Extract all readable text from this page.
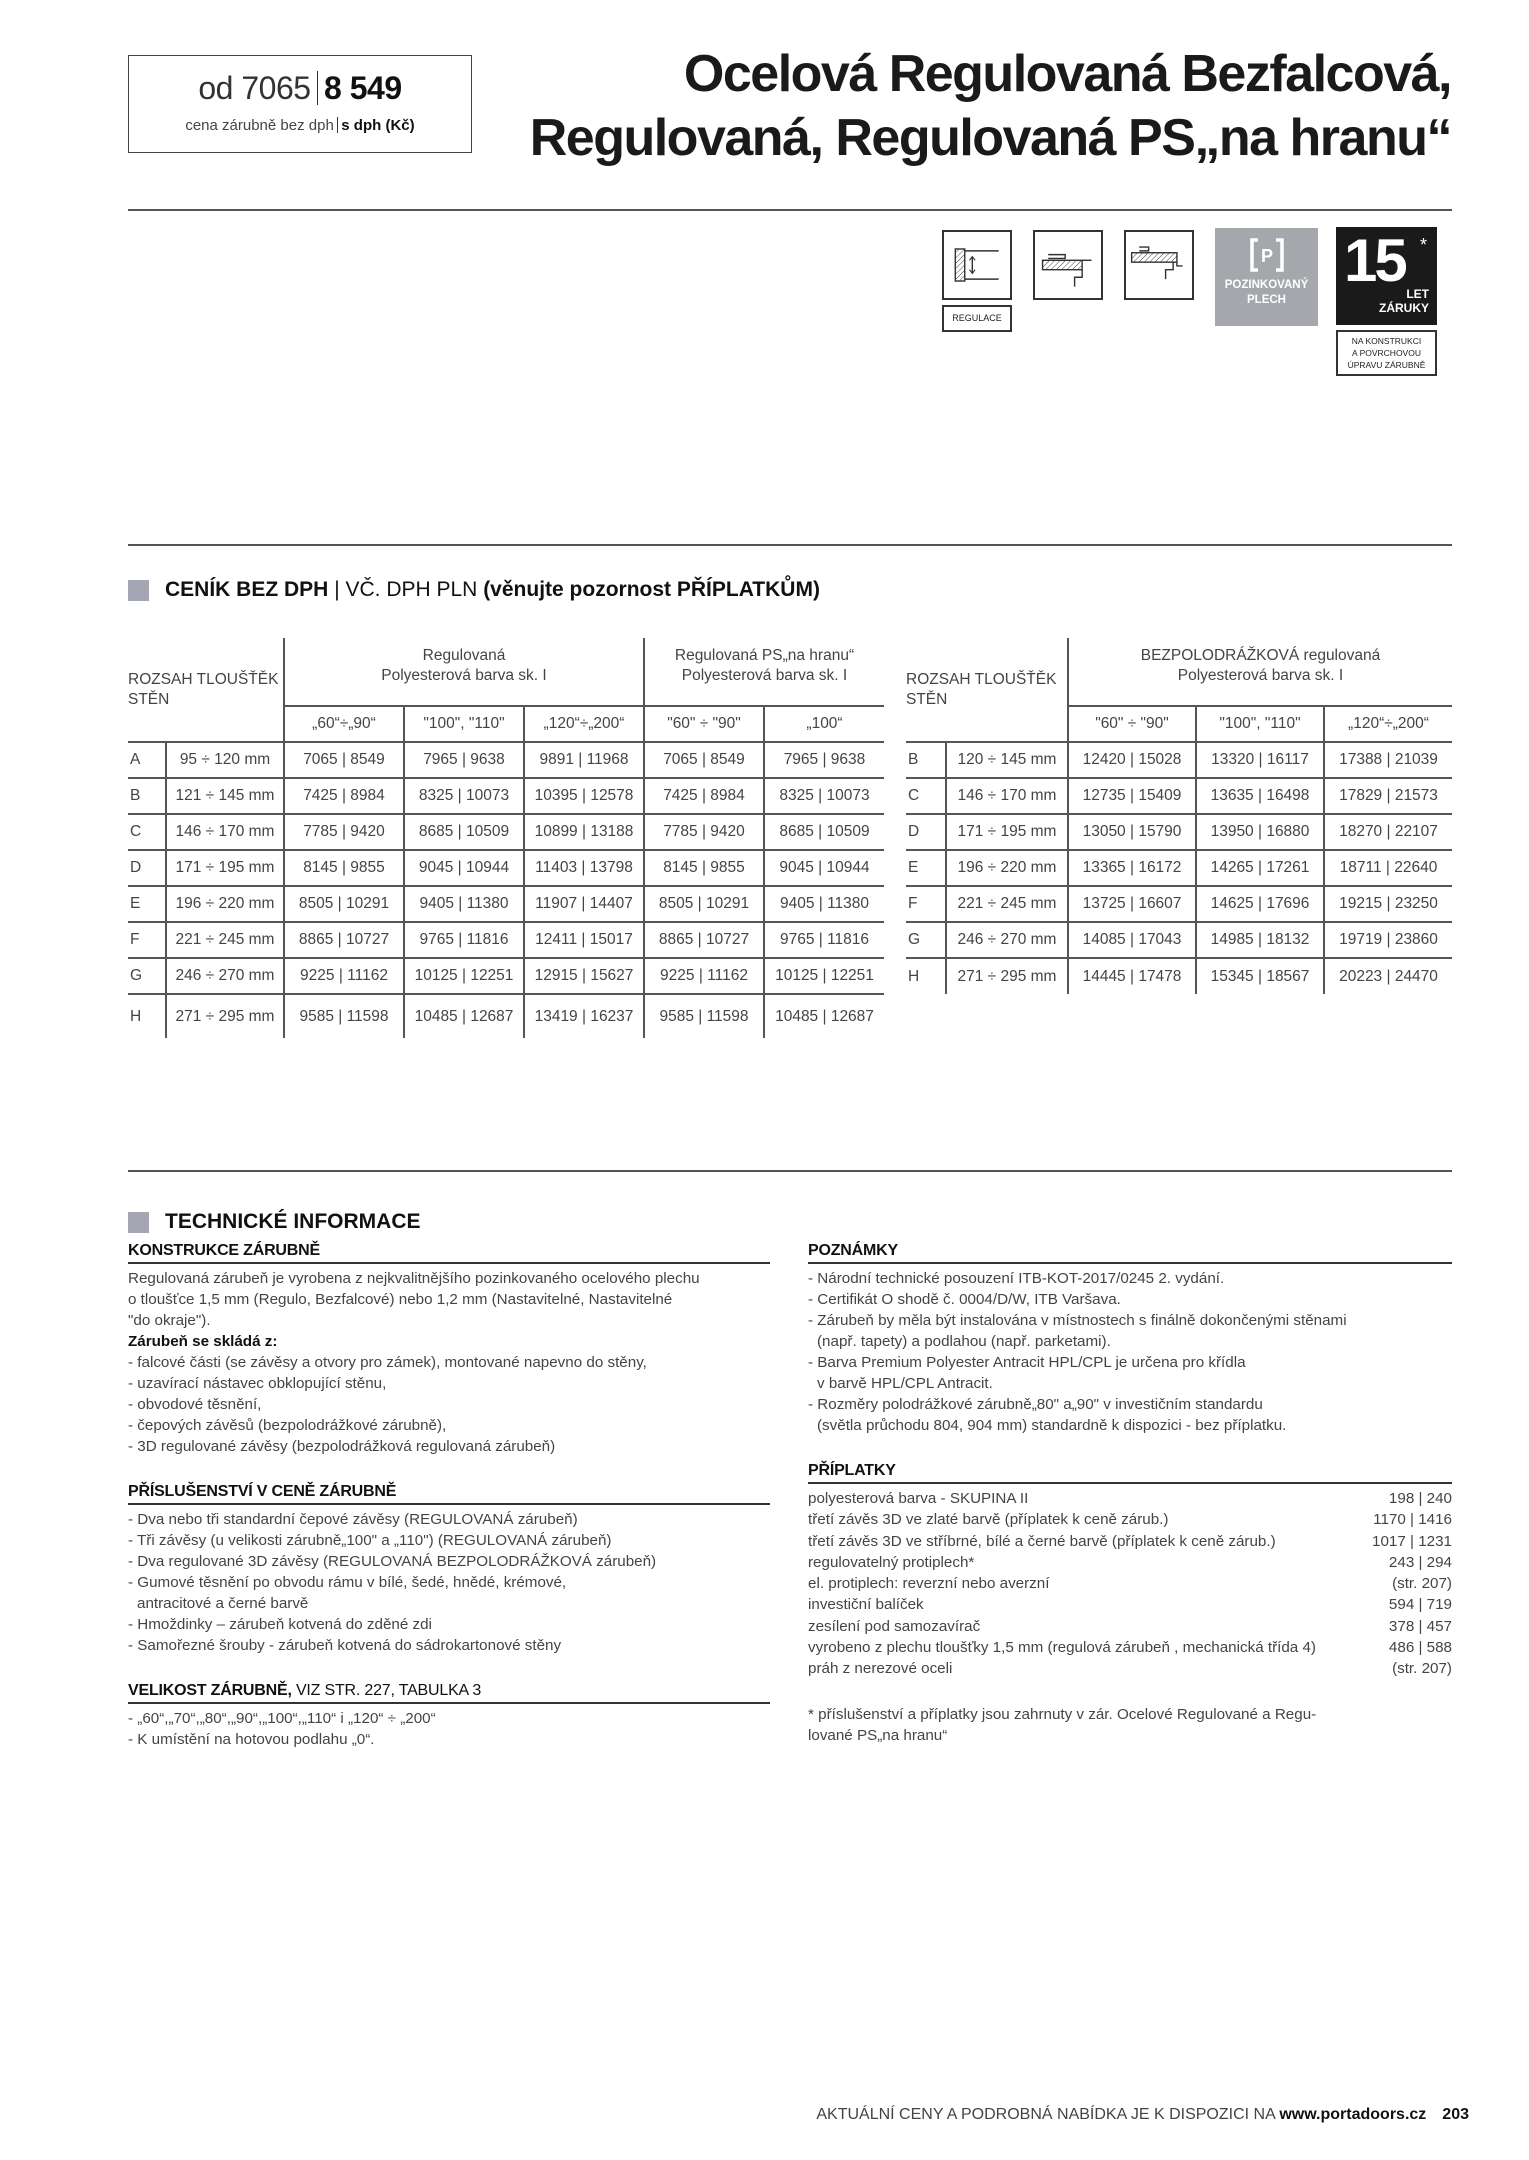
od 7065 8 549
cena zárubně bez dph s dph (Kč)
Ocelová Regulovaná Bezfalcová,
Regulovaná, Regulovaná PS„na hranu“
REGULACE
P
POZINKOVANÝ
PLECH
15 *
LET
ZÁRUKY
NA KONSTRUKCI
A POVRCHOVOU
ÚPRAVU ZÁRUBNĚ
CENÍK BEZ DPH | VČ. DPH PLN (věnujte pozornost PŘÍPLATKŮM)
ROZSAH TLOUŠŤĚK
STĚN

Regulovaná
Polyesterová barva sk. I

Regulovaná PS„na hranu“
Polyesterová barva sk. I

		„60“÷„90“	"100", "110"	„120“÷„200“	"60" ÷ "90"	„100“
A	95 ÷ 120 mm	7065 | 8549	7965 | 9638	9891 | 11968	7065 | 8549	7965 | 9638
B	121 ÷ 145 mm	7425 | 8984	8325 | 10073	10395 | 12578	7425 | 8984	8325 | 10073
C	146 ÷ 170 mm	7785 | 9420	8685 | 10509	10899 | 13188	7785 | 9420	8685 | 10509
D	171 ÷ 195 mm	8145 | 9855	9045 | 10944	11403 | 13798	8145 | 9855	9045 | 10944
E	196 ÷ 220 mm	8505 | 10291	9405 | 11380	11907 | 14407	8505 | 10291	9405 | 11380
F	221 ÷ 245 mm	8865 | 10727	9765 | 11816	12411 | 15017	8865 | 10727	9765 | 11816
G	246 ÷ 270 mm	9225 | 11162	10125 | 12251	12915 | 15627	9225 | 11162	10125 | 12251
H	271 ÷ 295 mm	9585 | 11598	10485 | 12687	13419 | 16237	9585 | 11598	10485 | 12687
ROZSAH TLOUŠŤĚK
STĚN

BEZPOLODRÁŽKOVÁ regulovaná
Polyesterová barva sk. I

		"60" ÷ "90"	"100", "110"	„120“÷„200“
B	120 ÷ 145 mm	12420 | 15028	13320 | 16117	17388 | 21039
C	146 ÷ 170 mm	12735 | 15409	13635 | 16498	17829 | 21573
D	171 ÷ 195 mm	13050 | 15790	13950 | 16880	18270 | 22107
E	196 ÷ 220 mm	13365 | 16172	14265 | 17261	18711 | 22640
F	221 ÷ 245 mm	13725 | 16607	14625 | 17696	19215 | 23250
G	246 ÷ 270 mm	14085 | 17043	14985 | 18132	19719 | 23860
H	271 ÷ 295 mm	14445 | 17478	15345 | 18567	20223 | 24470
TECHNICKÉ INFORMACE
KONSTRUKCE ZÁRUBNĚ
Regulovaná zárubeň je vyrobena z nejkvalitnějšího pozinkovaného ocelového plechu
o tloušťce 1,5 mm (Regulo, Bezfalcové) nebo 1,2 mm (Nastavitelné, Nastavitelné
"do okraje").
Zárubeň se skládá z:
- falcové části (se závěsy a otvory pro zámek), montované napevno do stěny,
- uzavírací nástavec obklopující stěnu,
- obvodové těsnění,
- čepových závěsů (bezpolodrážkové zárubně),
- 3D regulované závěsy (bezpolodrážková regulovaná zárubeň)
PŘÍSLUŠENSTVÍ V CENĚ ZÁRUBNĚ
- Dva nebo tři standardní čepové závěsy (REGULOVANÁ zárubeň)
- Tři závěsy (u velikosti zárubně„100" a „110") (REGULOVANÁ zárubeň)
- Dva regulované 3D závěsy (REGULOVANÁ BEZPOLODRÁŽKOVÁ zárubeň)
- Gumové těsnění po obvodu rámu v bílé, šedé, hnědé, krémové,
antracitové a černé barvě
- Hmoždinky – zárubeň kotvená do zděné zdi
- Samořezné šrouby - zárubeň kotvená do sádrokartonové stěny
VELIKOST ZÁRUBNĚ, VIZ STR. 227, TABULKA 3
- „60“,„70“,„80“,„90“,„100“,„110“ i „120“ ÷ „200“
- K umístění na hotovou podlahu „0“.
POZNÁMKY
- Národní technické posouzení ITB-KOT-2017/0245 2. vydání.
- Certifikát O shodě č. 0004/D/W, ITB Varšava.
- Zárubeň by měla být instalována v místnostech s finálně dokončenými stěnami
(např. tapety) a podlahou (např. parketami).
- Barva Premium Polyester Antracit HPL/CPL je určena pro křídla
v barvě HPL/CPL Antracit.
- Rozměry polodrážkové zárubně„80" a„90" v investičním standardu
(světla průchodu 804, 904 mm) standardně k dispozici - bez příplatku.
PŘÍPLATKY
polyesterová barva - SKUPINA II	198 | 240
třetí závěs 3D ve zlaté barvě (příplatek k ceně zárub.)	1170 | 1416
třetí závěs 3D ve stříbrné, bílé a černé barvě (příplatek k ceně zárub.)	1017 | 1231
regulovatelný protiplech*	243 | 294
el. protiplech: reverzní nebo averzní	(str. 207)
investiční balíček	594 | 719
zesílení pod samozavírač	378 | 457
vyrobeno z plechu tloušťky 1,5 mm (regulová zárubeň , mechanická třída 4)	486 | 588
práh z nerezové oceli	(str. 207)
* příslušenství a příplatky jsou zahrnuty v zár. Ocelové Regulované a Regu-
lované PS„na hranu“
AKTUÁLNÍ CENY A PODROBNÁ NABÍDKA JE K DISPOZICI NA www.portadoors.cz 203
